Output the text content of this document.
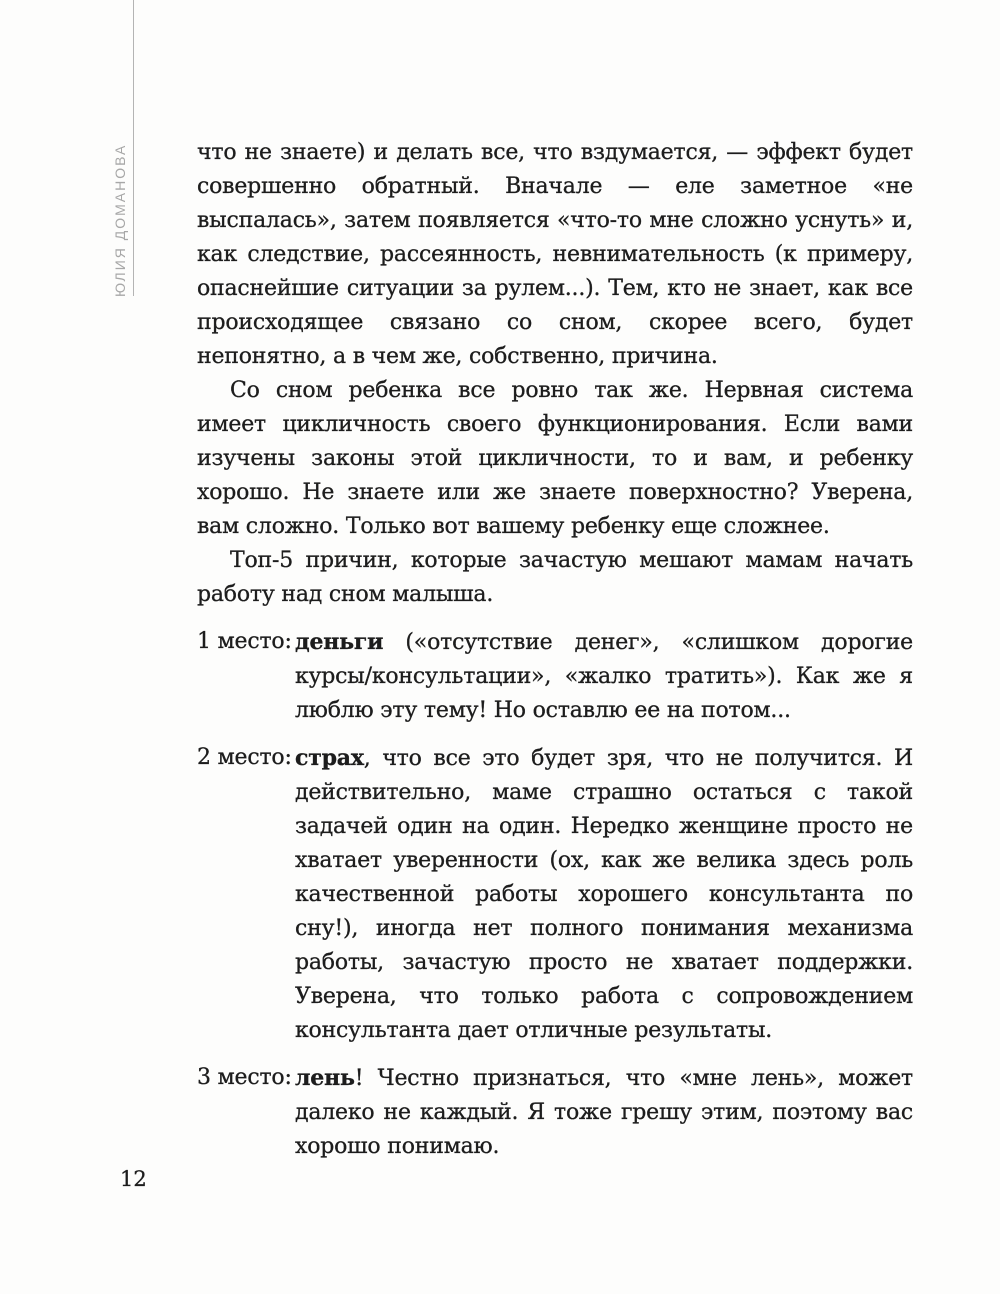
ЮЛИЯ ДОМАНОВА	что не знаете) и делать все, что вздумается, — эффект будет совершенно обратный. Вначале — еле заметное «не выспалась», затем появляется «что-то мне сложно уснуть» и, как следствие, рассеянность, невнимательность (к примеру, опаснейшие ситуации за рулем...). Тем, кто не знает, как все происходящее связано со сном, скорее всего, будет непонятно, а в чем же, собственно, причина.

Со сном ребенка все ровно так же. Нервная система имеет цикличность своего функционирования. Если вами изучены законы этой цикличности, то и вам, и ребенку хорошо. Не знаете или же знаете поверхностно? Уверена, вам сложно. Только вот вашему ребенку еще сложнее.

Топ-5 причин, которые зачастую мешают мамам начать работу над сном малыша.

1 место: деньги («отсутствие денег», «слишком дорогие курсы/консультации», «жалко тратить»). Как же я люблю эту тему! Но оставлю ее на потом...
2 место: страх, что все это будет зря, что не получится. И действительно, маме страшно остаться с такой задачей один на один. Нередко женщине просто не хватает уверенности (ох, как же велика здесь роль качественной работы хорошего консультанта по сну!), иногда нет полного понимания механизма работы, зачастую просто не хватает поддержки. Уверена, что только работа с сопровождением консультанта дает отличные результаты.
3 место: лень! Честно признаться, что «мне лень», может далеко не каждый. Я тоже грешу этим, поэтому вас хорошо понимаю.
12
